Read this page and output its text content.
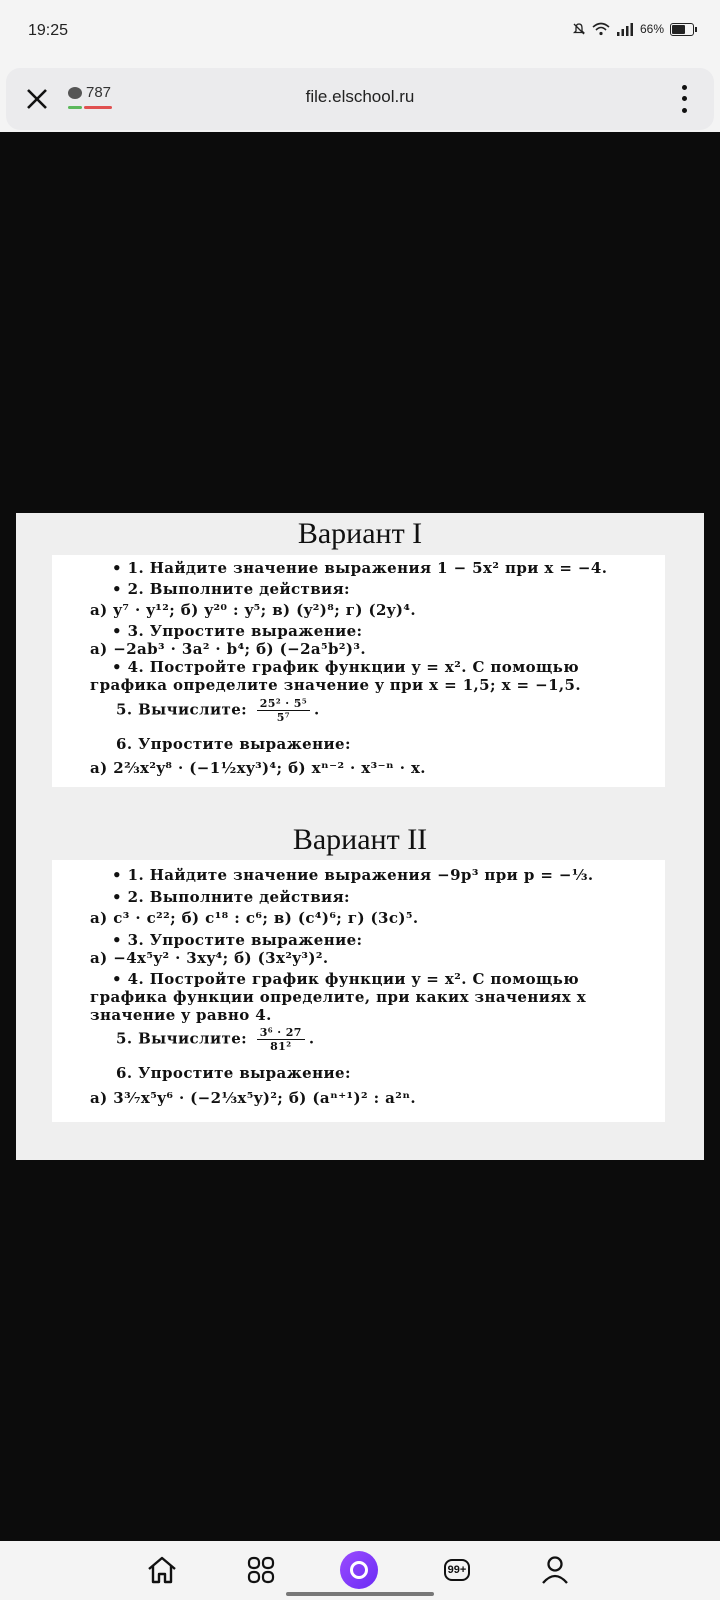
19:25	66%
787	file.elschool.ru
Вариант I
• 1. Найдите значение выражения 1 − 5x² при x = −4.
• 2. Выполните действия:
а) y⁷ · y¹²; б) y²⁰ : y⁵; в) (y²)⁸; г) (2y)⁴.
• 3. Упростите выражение:
а) −2ab³ · 3a² · b⁴; б) (−2a⁵b²)³.
• 4. Постройте график функции y = x². С помощью
графика определите значение y при x = 1,5; x = −1,5.
5. Вычислите: $\frac{\text{25² · 5⁵}}{\text{5⁷}}$ .
6. Упростите выражение:
а) 2⅔x²y⁸ · (−1½xy³)⁴; б) xⁿ⁻² · x³⁻ⁿ · x.
Вариант II
• 1. Найдите значение выражения −9p³ при p = −⅓.
• 2. Выполните действия:
а) c³ · c²²; б) c¹⁸ : c⁶; в) (c⁴)⁶; г) (3c)⁵.
• 3. Упростите выражение:
а) −4x⁵y² · 3xy⁴; б) (3x²y³)².
• 4. Постройте график функции y = x². С помощью
графика функции определите, при каких значениях x
значение y равно 4.
5. Вычислите: $\frac{\text{3⁶ · 27}}{\text{81²}}$ .
6. Упростите выражение:
а) 3³⁄₇x⁵y⁶ · (−2⅓x⁵y)²; б) (aⁿ⁺¹)² : a²ⁿ.
99+
